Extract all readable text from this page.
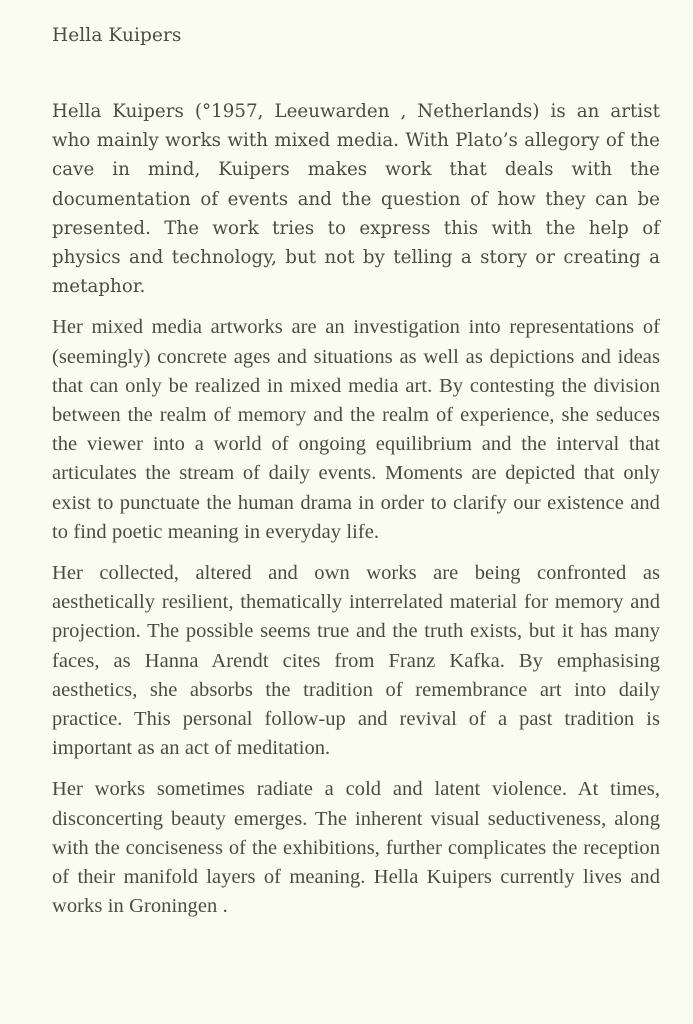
Hella Kuipers

Hella Kuipers (°1957, Leeuwarden , Netherlands) is an artist who mainly works with mixed media. With Plato’s allegory of the cave in mind, Kuipers makes work that deals with the documentation of events and the question of how they can be presented. The work tries to express this with the help of physics and technology, but not by telling a story or creating a metaphor.

Her mixed media artworks are an investigation into representations of (seemingly) concrete ages and situations as well as depictions and ideas that can only be realized in mixed media art. By contesting the division between the realm of memory and the realm of experience, she seduces the viewer into a world of ongoing equilibrium and the interval that articulates the stream of daily events. Moments are depicted that only exist to punctuate the human drama in order to clarify our existence and to find poetic meaning in everyday life.

Her collected, altered and own works are being confronted as aesthetically resilient, thematically interrelated material for memory and projection. The possible seems true and the truth exists, but it has many faces, as Hanna Arendt cites from Franz Kafka. By emphasising aesthetics, she absorbs the tradition of remembrance art into daily practice. This personal follow-up and revival of a past tradition is important as an act of meditation.

Her works sometimes radiate a cold and latent violence. At times, disconcerting beauty emerges. The inherent visual seductiveness, along with the conciseness of the exhibitions, further complicates the reception of their manifold layers of meaning. Hella Kuipers currently lives and works in Groningen .
